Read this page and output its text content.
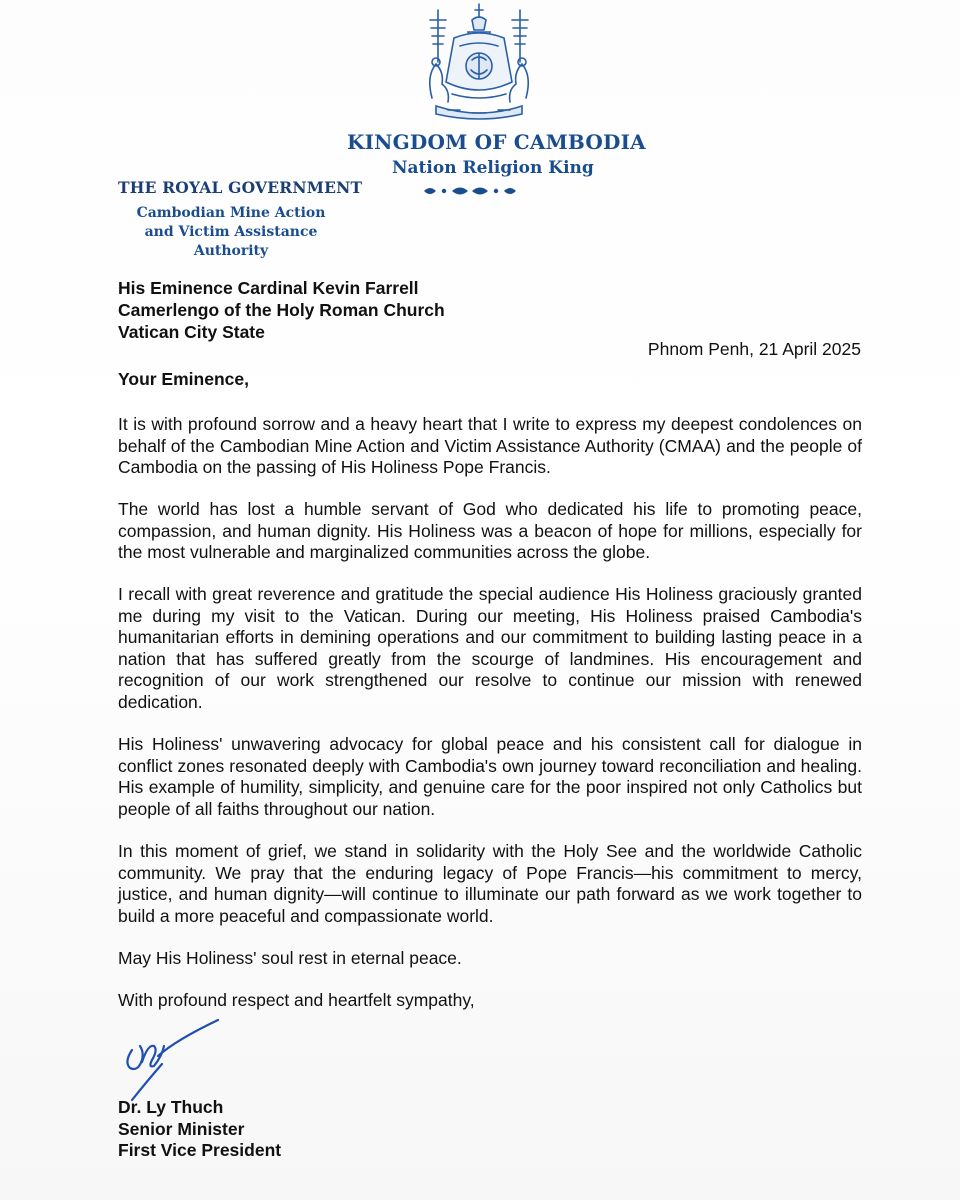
KINGDOM OF CAMBODIA
Nation Religion King
THE ROYAL GOVERNMENT
Cambodian Mine Action
and Victim Assistance Authority
His Eminence Cardinal Kevin Farrell
Camerlengo of the Holy Roman Church
Vatican City State
Phnom Penh, 21 April 2025
Your Eminence,

It is with profound sorrow and a heavy heart that I write to express my deepest condolences on behalf of the Cambodian Mine Action and Victim Assistance Authority (CMAA) and the people of Cambodia on the passing of His Holiness Pope Francis.

The world has lost a humble servant of God who dedicated his life to promoting peace, compassion, and human dignity. His Holiness was a beacon of hope for millions, especially for the most vulnerable and marginalized communities across the globe.

I recall with great reverence and gratitude the special audience His Holiness graciously granted me during my visit to the Vatican. During our meeting, His Holiness praised Cambodia's humanitarian efforts in demining operations and our commitment to building lasting peace in a nation that has suffered greatly from the scourge of landmines. His encouragement and recognition of our work strengthened our resolve to continue our mission with renewed dedication.

His Holiness' unwavering advocacy for global peace and his consistent call for dialogue in conflict zones resonated deeply with Cambodia's own journey toward reconciliation and healing. His example of humility, simplicity, and genuine care for the poor inspired not only Catholics but people of all faiths throughout our nation.

In this moment of grief, we stand in solidarity with the Holy See and the worldwide Catholic community. We pray that the enduring legacy of Pope Francis—his commitment to mercy, justice, and human dignity—will continue to illuminate our path forward as we work together to build a more peaceful and compassionate world.

May His Holiness' soul rest in eternal peace.

With profound respect and heartfelt sympathy,

Dr. Ly Thuch
Senior Minister
First Vice President
